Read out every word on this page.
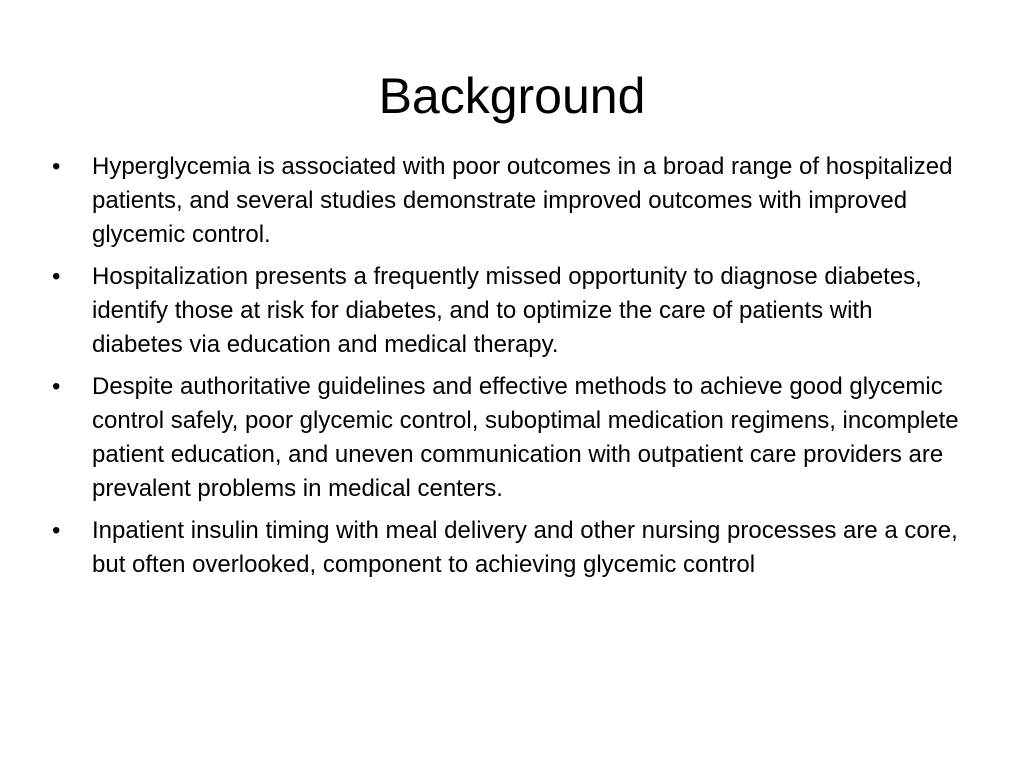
Background
•	Hyperglycemia is associated with poor outcomes in a broad range of hospitalized patients, and several studies demonstrate improved outcomes with improved glycemic control.
•	Hospitalization presents a frequently missed opportunity to diagnose diabetes, identify those at risk for diabetes, and to optimize the care of patients with diabetes via education and medical therapy.
•	Despite authoritative guidelines and effective methods to achieve good glycemic control safely, poor glycemic control, suboptimal medication regimens, incomplete patient education, and uneven communication with outpatient care providers are prevalent problems in medical centers.
•	Inpatient insulin timing with meal delivery and other nursing processes are a core, but often overlooked, component to achieving glycemic control
